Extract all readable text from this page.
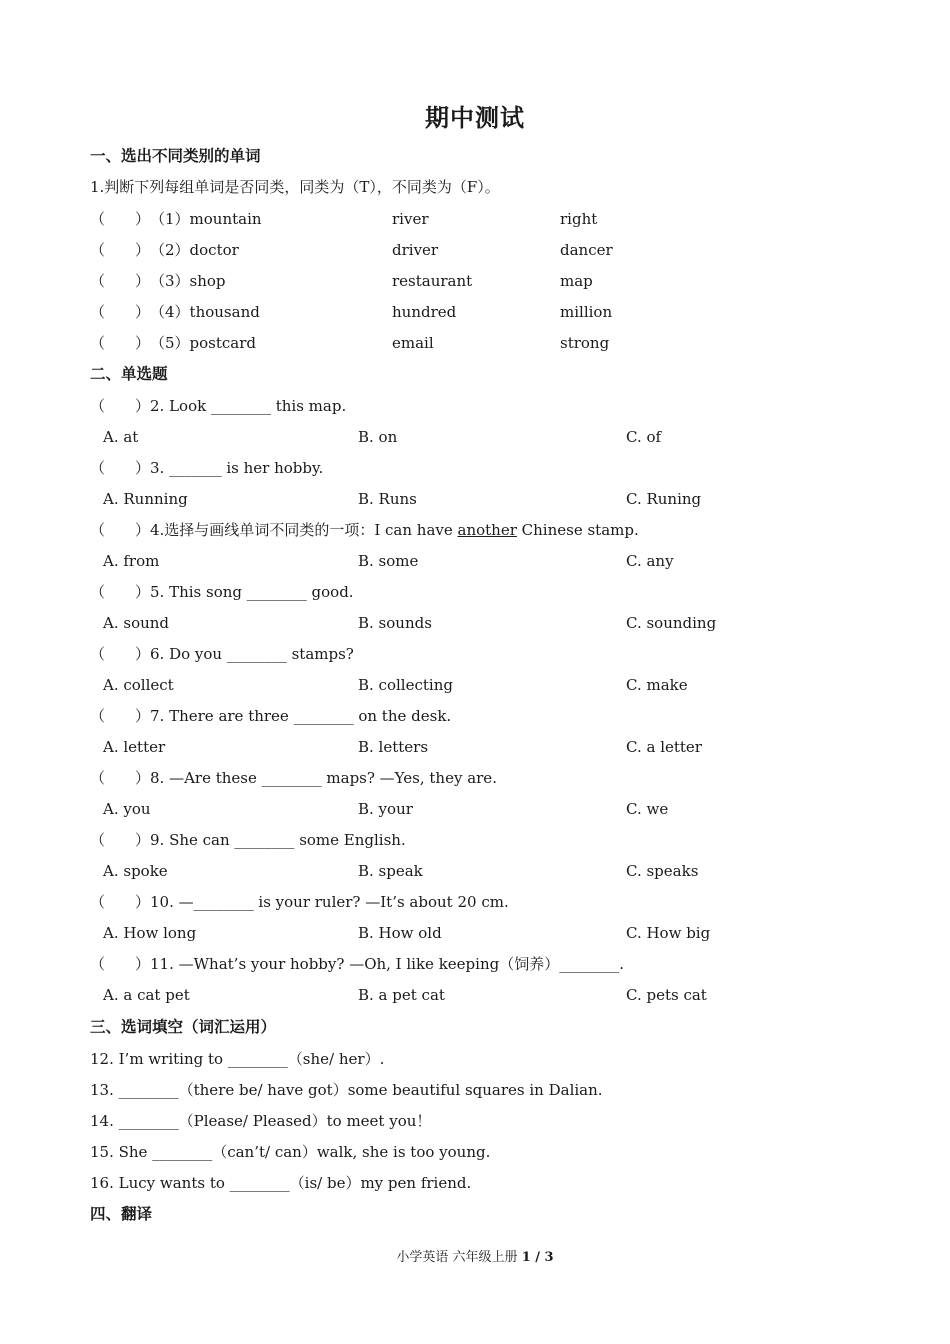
期中测试
一、选出不同类别的单词
1.判断下列每组单词是否同类，同类为（T），不同类为（F）。
（　　）（1）mountain	river	right
（　　）（2）doctor	driver	dancer
（　　）（3）shop	restaurant	map
（　　）（4）thousand	hundred	million
（　　）（5）postcard	email	strong
二、单选题
（　　）2. Look ________ this map.
A. at	B. on	C. of
（　　）3. _______ is her hobby.
A. Running	B. Runs	C. Runing
（　　）4.选择与画线单词不同类的一项：I can have another Chinese stamp.
A. from	B. some	C. any
（　　）5. This song ________ good.
A. sound	B. sounds	C. sounding
（　　）6. Do you ________ stamps?
A. collect	B. collecting	C. make
（　　）7. There are three ________ on the desk.
A. letter	B. letters	C. a letter
（　　）8. —Are these ________ maps? —Yes, they are.
A. you	B. your	C. we
（　　）9. She can ________ some English.
A. spoke	B. speak	C. speaks
（　　）10. —________ is your ruler? —It’s about 20 cm.
A. How long	B. How old	C. How big
（　　）11. —What’s your hobby? —Oh, I like keeping（饲养）________.
A. a cat pet	B. a pet cat	C. pets cat
三、选词填空（词汇运用）
12. I’m writing to ________（she/ her）.
13. ________（there be/ have got）some beautiful squares in Dalian.
14. ________（Please/ Pleased）to meet you！
15. She ________（can’t/ can）walk, she is too young.
16. Lucy wants to ________（is/ be）my pen friend.
四、翻译
小学英语 六年级上册 1 / 3
